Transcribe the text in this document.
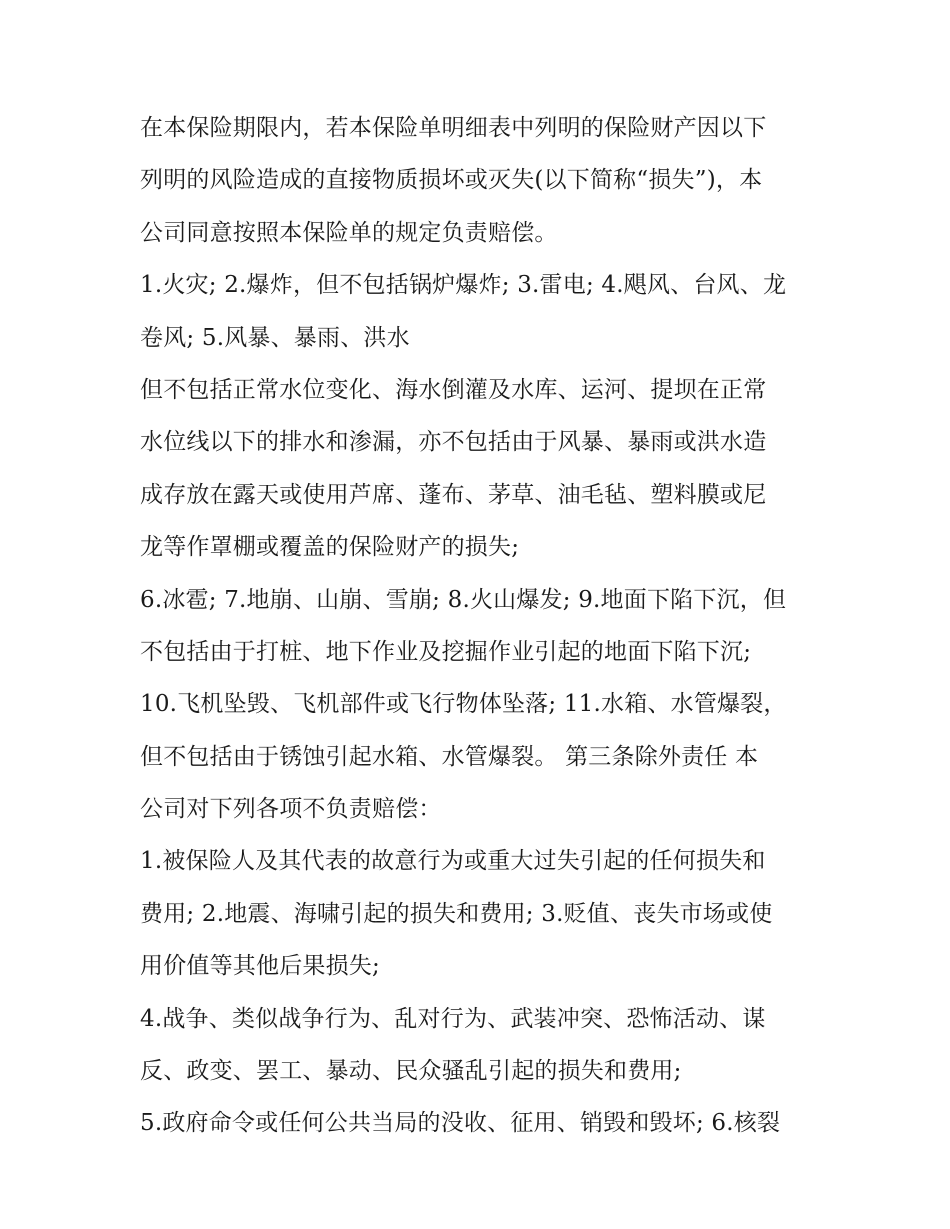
在本保险期限内，若本保险单明细表中列明的保险财产因以下
列明的风险造成的直接物质损坏或灭失(以下简称“损失”)，本
公司同意按照本保险单的规定负责赔偿。
1.火灾; 2.爆炸，但不包括锅炉爆炸; 3.雷电; 4.飓风、台风、龙
卷风; 5.风暴、暴雨、洪水
但不包括正常水位变化、海水倒灌及水库、运河、提坝在正常
水位线以下的排水和渗漏，亦不包括由于风暴、暴雨或洪水造
成存放在露天或使用芦席、蓬布、茅草、油毛毡、塑料膜或尼
龙等作罩棚或覆盖的保险财产的损失;
6.冰雹; 7.地崩、山崩、雪崩; 8.火山爆发; 9.地面下陷下沉，但
不包括由于打桩、地下作业及挖掘作业引起的地面下陷下沉;
10.飞机坠毁、飞机部件或飞行物体坠落; 11.水箱、水管爆裂，
但不包括由于锈蚀引起水箱、水管爆裂。 第三条除外责任 本
公司对下列各项不负责赔偿：
1.被保险人及其代表的故意行为或重大过失引起的任何损失和
费用; 2.地震、海啸引起的损失和费用; 3.贬值、丧失市场或使
用价值等其他后果损失;
4.战争、类似战争行为、乱对行为、武装冲突、恐怖活动、谋
反、政变、罢工、暴动、民众骚乱引起的损失和费用;
5.政府命令或任何公共当局的没收、征用、销毁和毁坏; 6.核裂
